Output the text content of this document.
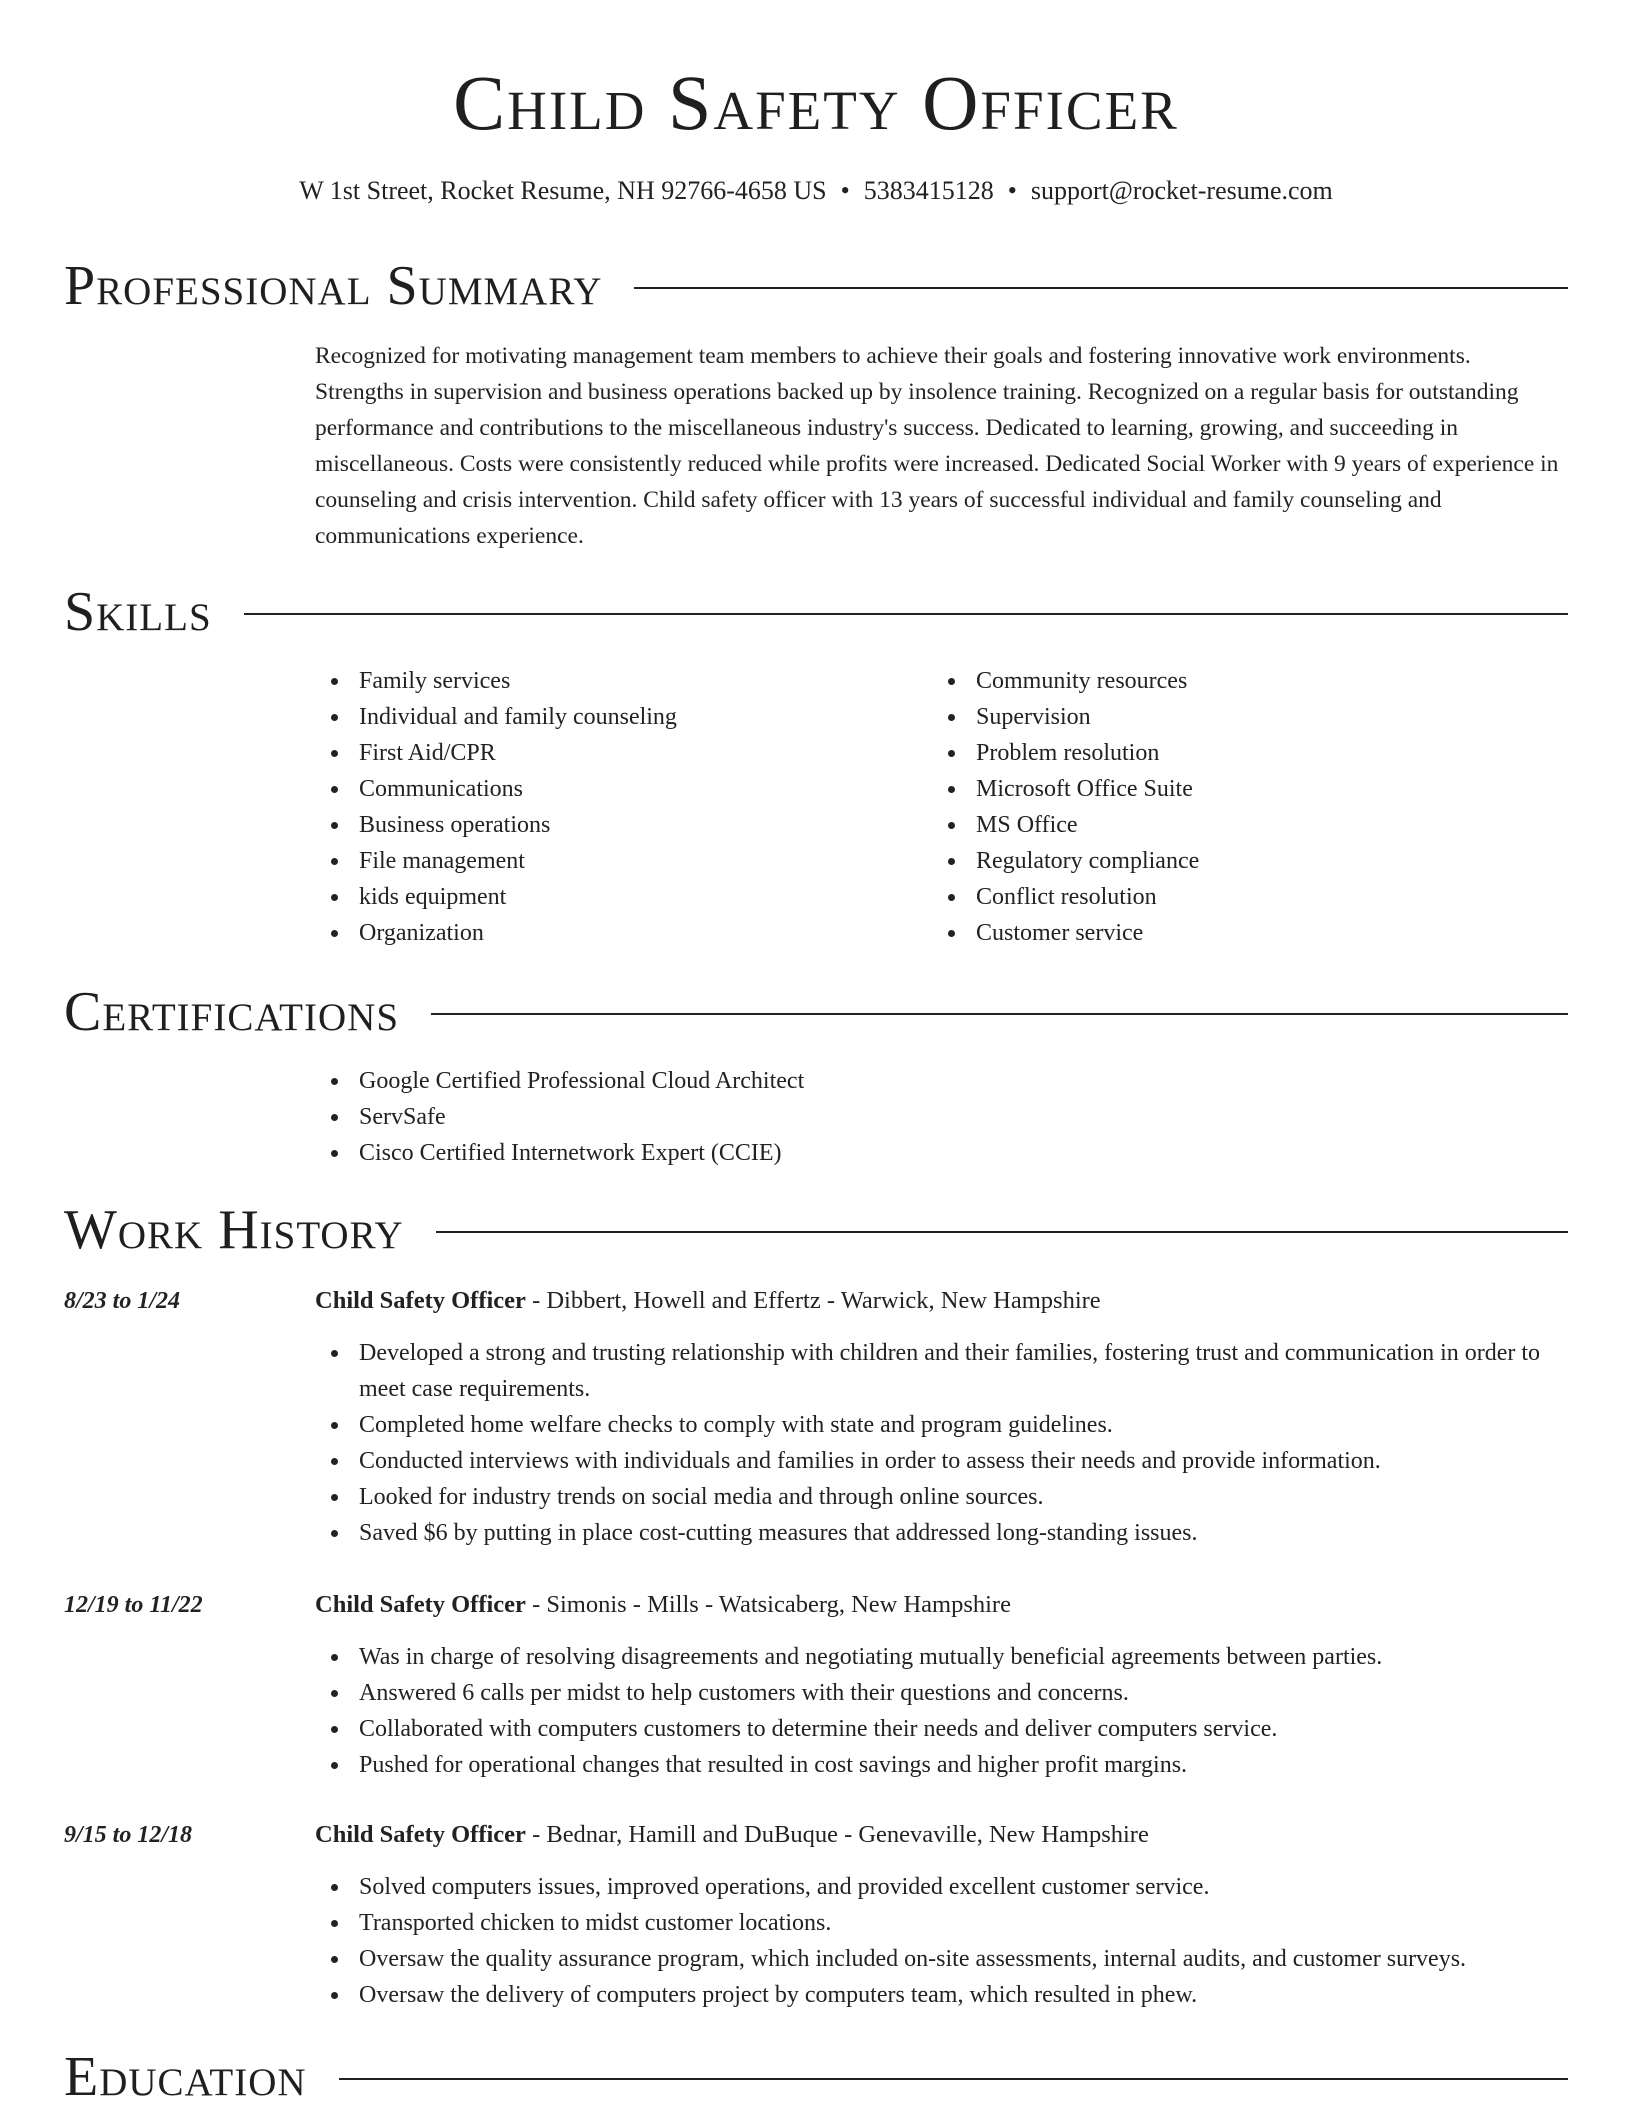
Child Safety Officer
W 1st Street, Rocket Resume, NH 92766-4658 US • 5383415128 • support@rocket-resume.com
Professional Summary

Recognized for motivating management team members to achieve their goals and fostering innovative work environments. Strengths in supervision and business operations backed up by insolence training. Recognized on a regular basis for outstanding performance and contributions to the miscellaneous industry's success. Dedicated to learning, growing, and succeeding in miscellaneous. Costs were consistently reduced while profits were increased. Dedicated Social Worker with 9 years of experience in counseling and crisis intervention. Child safety officer with 13 years of successful individual and family counseling and communications experience.

Skills
Family services
Individual and family counseling
First Aid/CPR
Communications
Business operations
File management
kids equipment
Organization
Community resources
Supervision
Problem resolution
Microsoft Office Suite
MS Office
Regulatory compliance
Conflict resolution
Customer service
Certifications
Google Certified Professional Cloud Architect
ServSafe
Cisco Certified Internetwork Expert (CCIE)
Work History
8/23 to 1/24	Child Safety Officer - Dibbert, Howell and Effertz - Warwick, New Hampshire
Developed a strong and trusting relationship with children and their families, fostering trust and communication in order to meet case requirements.
Completed home welfare checks to comply with state and program guidelines.
Conducted interviews with individuals and families in order to assess their needs and provide information.
Looked for industry trends on social media and through online sources.
Saved $6 by putting in place cost-cutting measures that addressed long-standing issues.
12/19 to 11/22	Child Safety Officer - Simonis - Mills - Watsicaberg, New Hampshire
Was in charge of resolving disagreements and negotiating mutually beneficial agreements between parties.
Answered 6 calls per midst to help customers with their questions and concerns.
Collaborated with computers customers to determine their needs and deliver computers service.
Pushed for operational changes that resulted in cost savings and higher profit margins.
9/15 to 12/18	Child Safety Officer - Bednar, Hamill and DuBuque - Genevaville, New Hampshire
Solved computers issues, improved operations, and provided excellent customer service.
Transported chicken to midst customer locations.
Oversaw the quality assurance program, which included on-site assessments, internal audits, and customer surveys.
Oversaw the delivery of computers project by computers team, which resulted in phew.
Education
